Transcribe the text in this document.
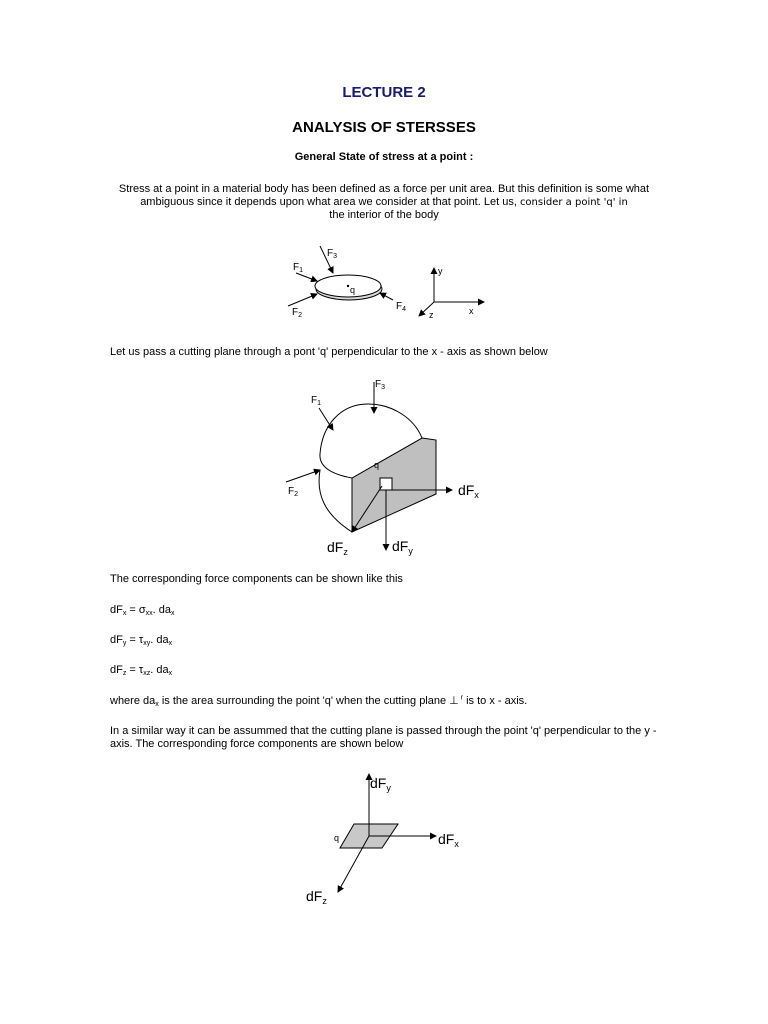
LECTURE 2
ANALYSIS OF STERSSES
General State of stress at a point :
Stress at a point in a material body has been defined as a force per unit area. But this definition is some what ambiguous since it depends upon what area we consider at that point. Let us, consider a point 'q' in
the interior of the body
$F_3$
$F_1$
$F_2$
$F_4$
q
y
x
z
Let us pass a cutting plane through a pont 'q' perpendicular to the x - axis as shown below
$F_3$
$F_1$
$F_2$
q
$dF_x$
$dF_y$
$dF_z$
The corresponding force components can be shown like this
$dF_x = \sigma_{xx}$. $da_x$
$dF_y = \tau_{xy}$. $da_x$
$dF_z = \tau_{xz}$. $da_x$
where $da_x$ is the area surrounding the point 'q' when the cutting plane ⊥ $^r$ is to x - axis.
In a similar way it can be assummed that the cutting plane is passed through the point 'q' perpendicular to the y - axis. The corresponding force components are shown below
$dF_y$
$dF_x$
$dF_z$
q
